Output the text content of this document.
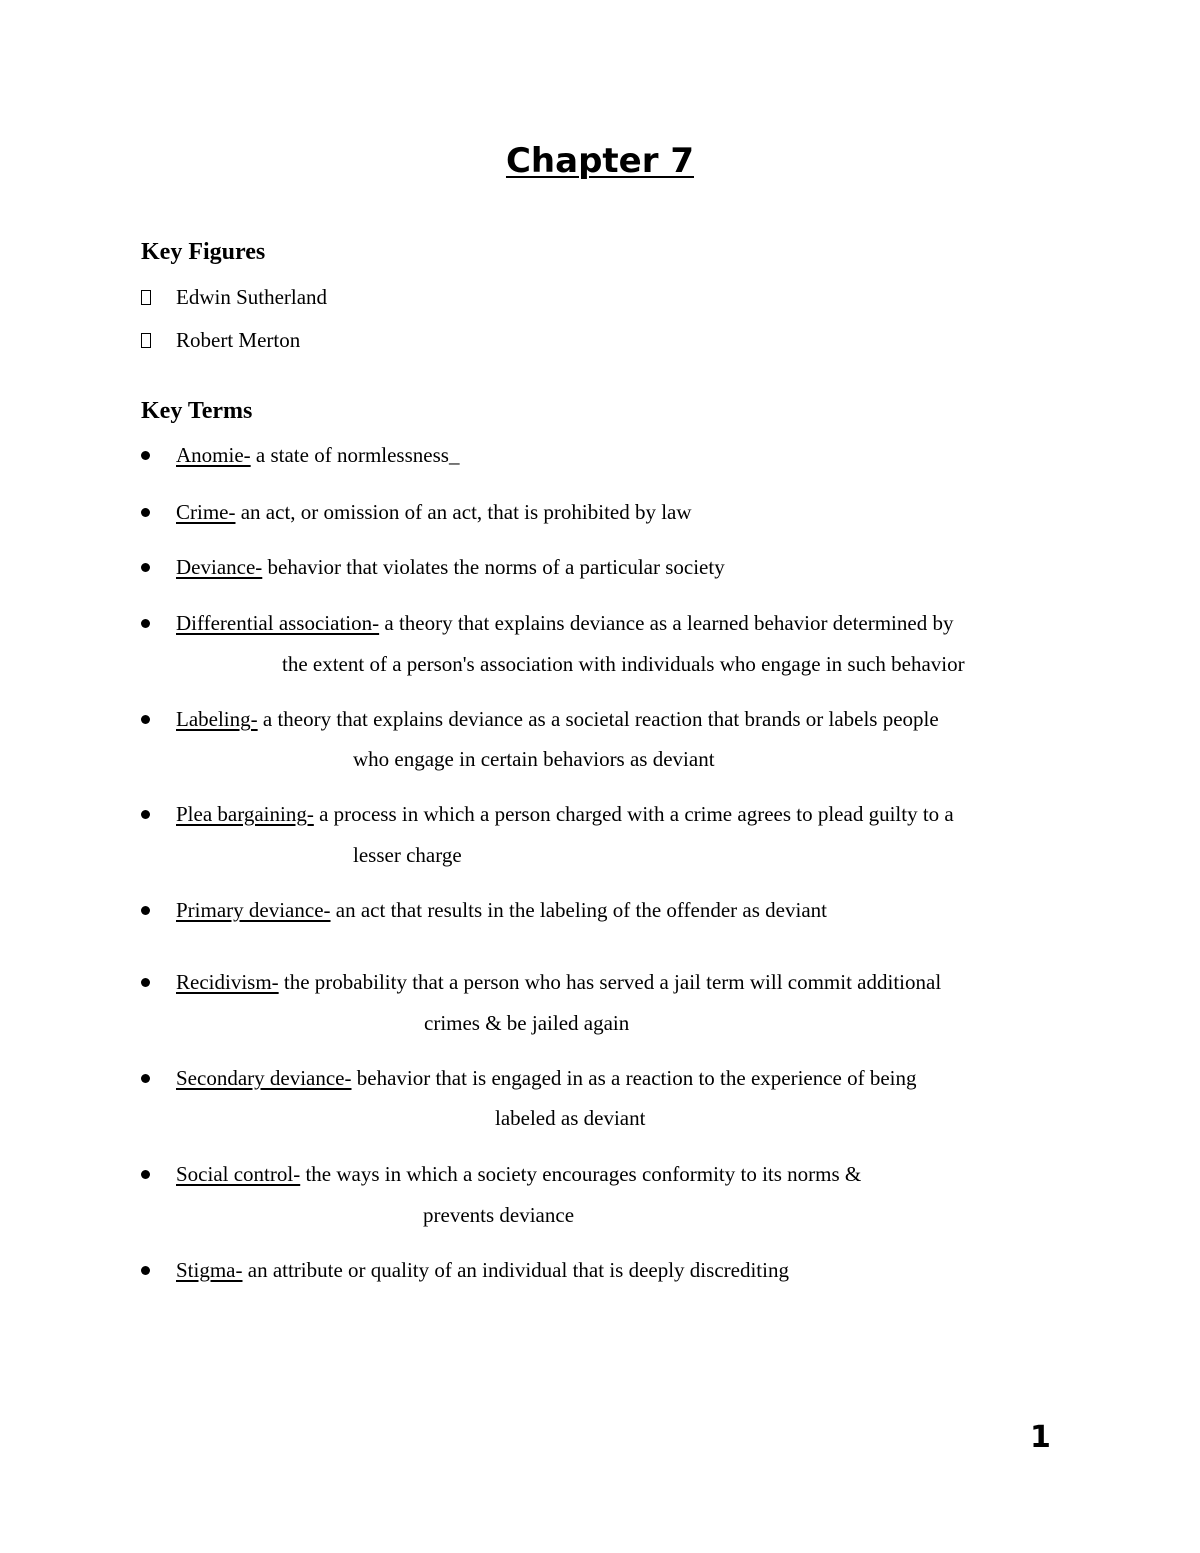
Chapter 7
Key Figures
Edwin Sutherland
Robert Merton
Key Terms
Anomie- a state of normlessness_
Crime- an act, or omission of an act, that is prohibited by law
Deviance- behavior that violates the norms of a particular society
Differential association- a theory that explains deviance as a learned behavior determined by
the extent of a person's association with individuals who engage in such behavior
Labeling- a theory that explains deviance as a societal reaction that brands or labels people
who engage in certain behaviors as deviant
Plea bargaining- a process in which a person charged with a crime agrees to plead guilty to a
lesser charge
Primary deviance- an act that results in the labeling of the offender as deviant
Recidivism- the probability that a person who has served a jail term will commit additional
crimes & be jailed again
Secondary deviance- behavior that is engaged in as a reaction to the experience of being
labeled as deviant
Social control- the ways in which a society encourages conformity to its norms &
prevents deviance
Stigma- an attribute or quality of an individual that is deeply discrediting
1
